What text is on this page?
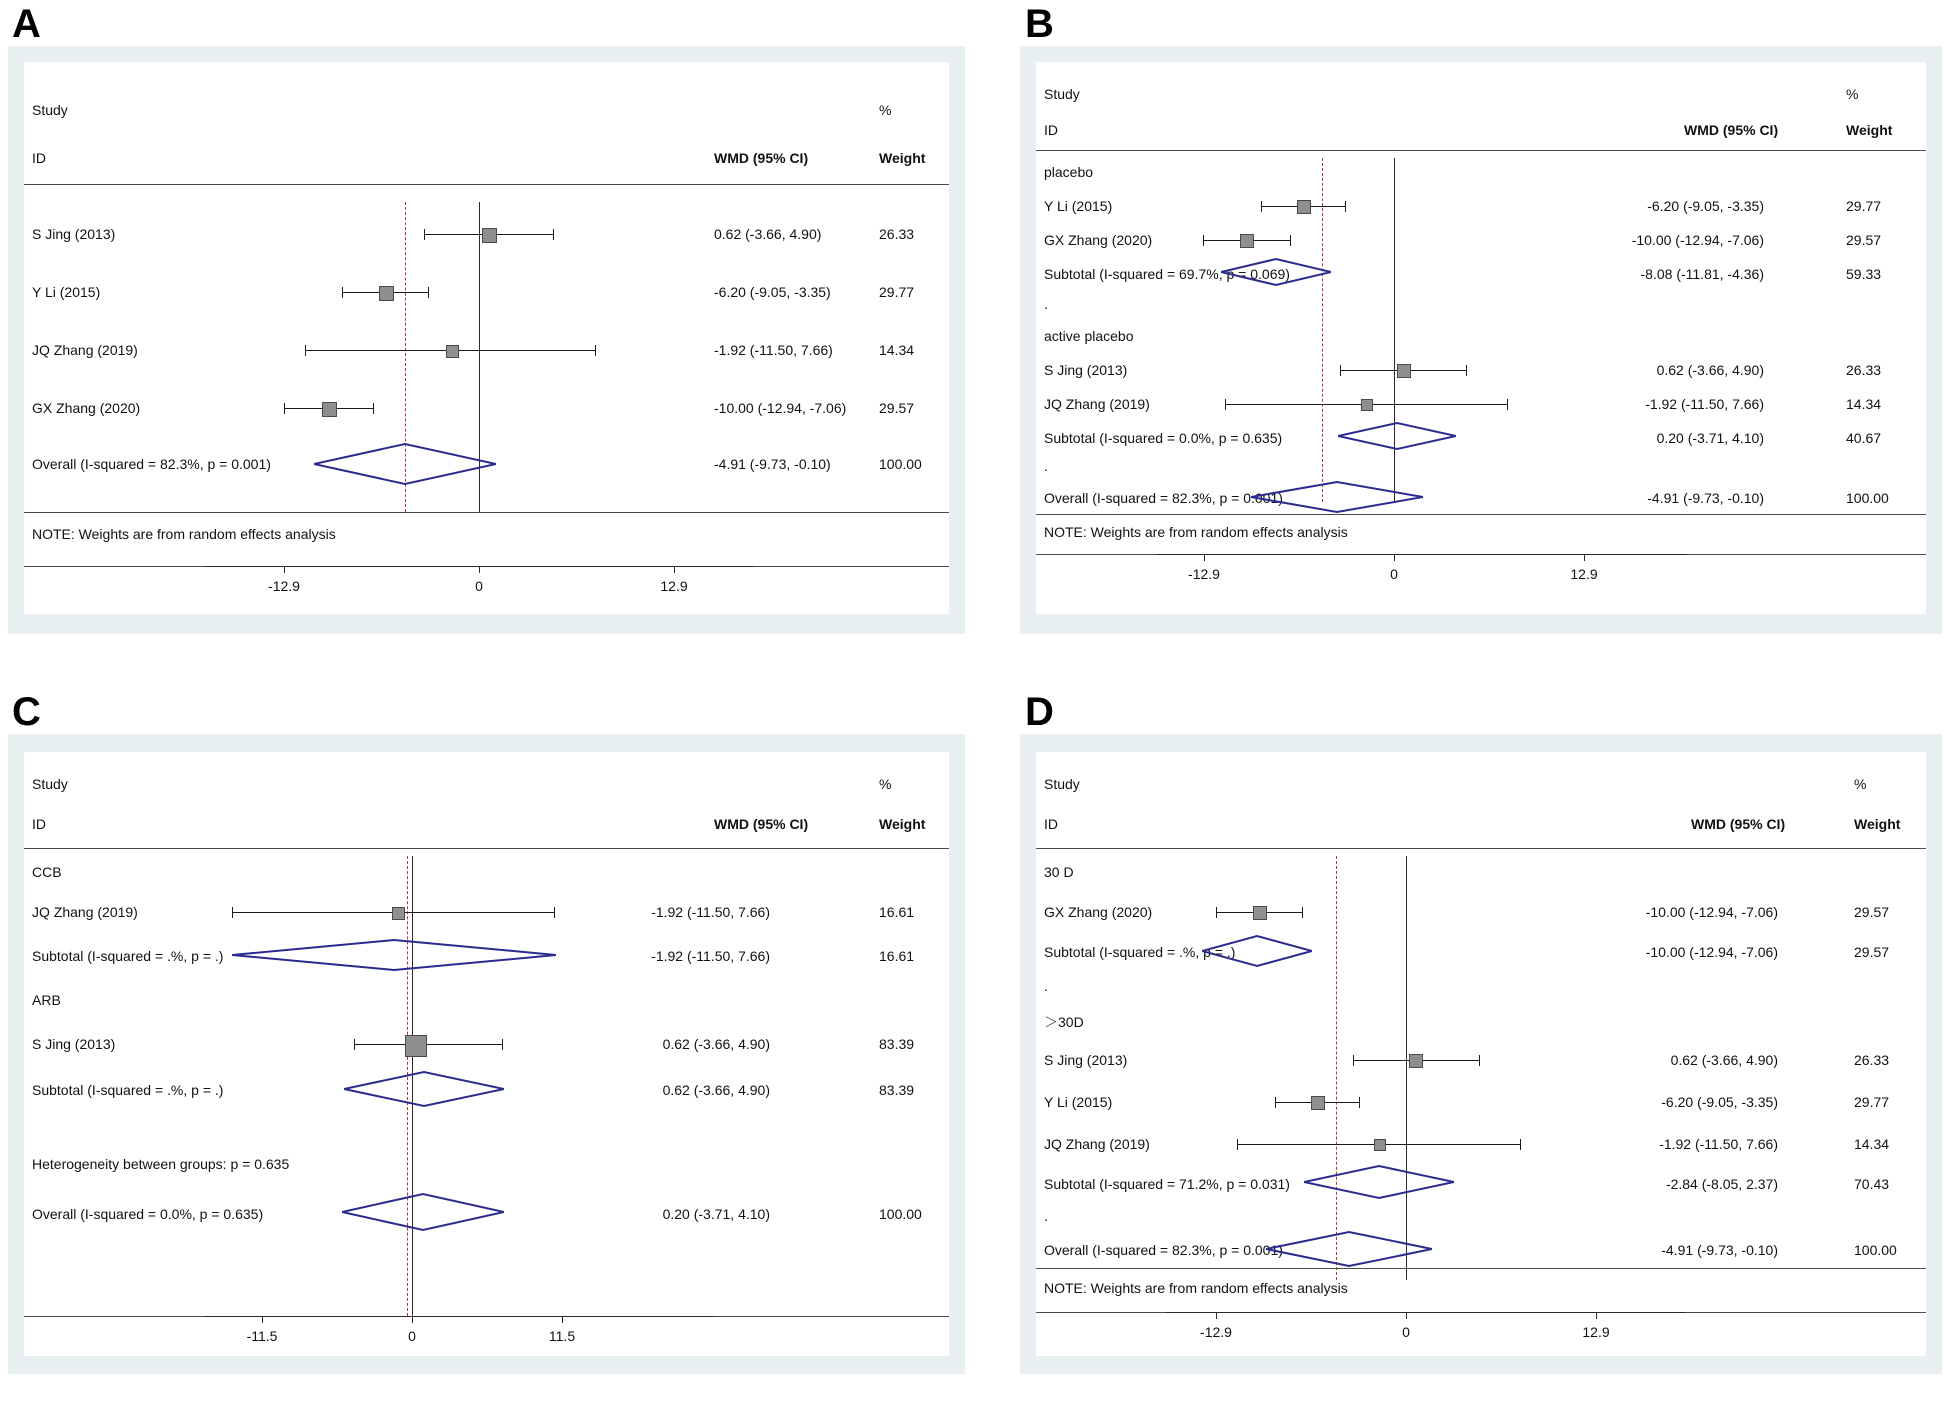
A	B
C	D
Study
ID
%
WMD (95% CI)	Weight
S Jing (2013)	0.62 (-3.66, 4.90)	26.33
Y Li (2015)	-6.20 (-9.05, -3.35)	29.77
JQ Zhang (2019)	-1.92 (-11.50, 7.66)	14.34
GX Zhang (2020)	-10.00 (-12.94, -7.06) 29.57
Overall (I-squared = 82.3%, p = 0.001)	-4.91 (-9.73, -0.10)	100.00
NOTE: Weights are from random effects analysis
-12.9	0	12.9
Study
ID
%
WMD (95% CI)	Weight
placebo
Y Li (2015)	-6.20 (-9.05, -3.35)	29.77
GX Zhang (2020)	-10.00 (-12.94, -7.06)	29.57
Subtotal (I-squared = 69.7%, p = 0.069)	-8.08 (-11.81, -4.36)	59.33
.
active placebo
S Jing (2013)	0.62 (-3.66, 4.90)	26.33
JQ Zhang (2019)	-1.92 (-11.50, 7.66)	14.34
Subtotal (I-squared = 0.0%, p = 0.635)	0.20 (-3.71, 4.10)	40.67
.
Overall (I-squared = 82.3%, p = 0.001)	-4.91 (-9.73, -0.10)	100.00
NOTE: Weights are from random effects analysis
-12.9	0	12.9
Study
ID
%
WMD (95% CI)	Weight
CCB
JQ Zhang (2019)	-1.92 (-11.50, 7.66)	16.61
Subtotal (I-squared = .%, p = .)	-1.92 (-11.50, 7.66)	16.61
ARB
S Jing (2013)	0.62 (-3.66, 4.90)	83.39
Subtotal (I-squared = .%, p = .)	0.62 (-3.66, 4.90)	83.39
Heterogeneity between groups: p = 0.635
Overall (I-squared = 0.0%, p = 0.635)	0.20 (-3.71, 4.10)	100.00
-11.5	0	11.5
Study
ID
%
WMD (95% CI)	Weight
30 D
GX Zhang (2020)	-10.00 (-12.94, -7.06)	29.57
Subtotal (I-squared = .%, p = .)	-10.00 (-12.94, -7.06)	29.57
.
＞30D
S Jing (2013)	0.62 (-3.66, 4.90)	26.33
Y Li (2015)	-6.20 (-9.05, -3.35)	29.77
JQ Zhang (2019)	-1.92 (-11.50, 7.66)	14.34
Subtotal (I-squared = 71.2%, p = 0.031)	-2.84 (-8.05, 2.37)	70.43
.
Overall (I-squared = 82.3%, p = 0.001)	-4.91 (-9.73, -0.10)	100.00
NOTE: Weights are from random effects analysis
-12.9	0	12.9
